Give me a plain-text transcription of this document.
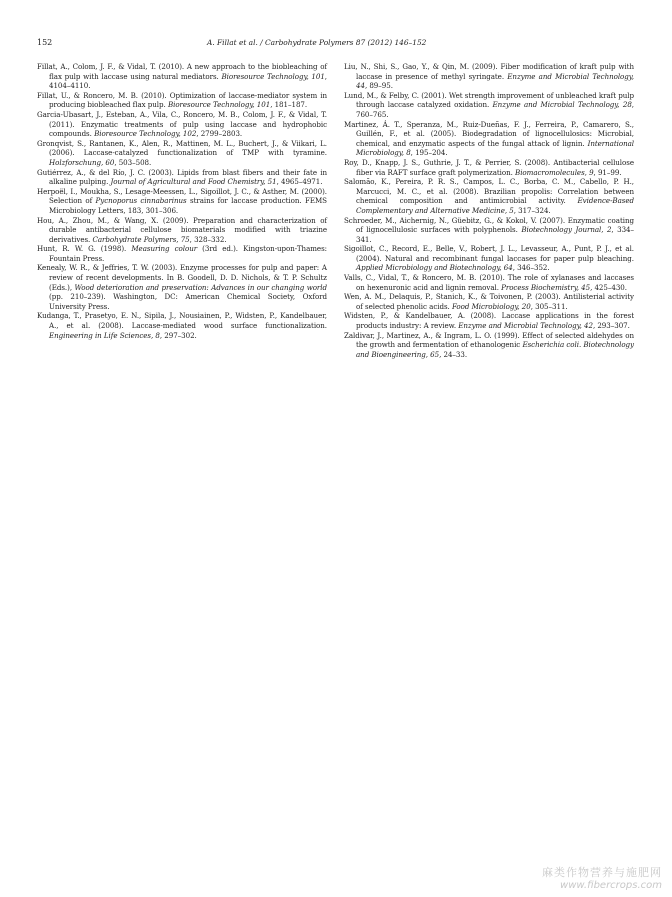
152	A. Fillat et al. / Carbohydrate Polymers 87 (2012) 146–152

Fillat, A., Colom, J. F., & Vidal, T. (2010). A new approach to the biobleaching of flax pulp with laccase using natural mediators. Bioresource Technology, 101, 4104–4110.

Fillat, U., & Roncero, M. B. (2010). Optimization of laccase-mediator system in producing biobleached flax pulp. Bioresource Technology, 101, 181–187.

Garcia-Ubasart, J., Esteban, A., Vila, C., Roncero, M. B., Colom, J. F., & Vidal, T. (2011). Enzymatic treatments of pulp using laccase and hydrophobic compounds. Bioresource Technology, 102, 2799–2803.

Gronqvist, S., Rantanen, K., Alen, R., Mattinen, M. L., Buchert, J., & Viikari, L. (2006). Laccase-catalyzed functionalization of TMP with tyramine. Holzforschung, 60, 503–508.

Gutiérrez, A., & del Río, J. C. (2003). Lipids from blast fibers and their fate in alkaline pulping. Journal of Agricultural and Food Chemistry, 51, 4965–4971.

Herpoël, I., Moukha, S., Lesage-Meessen, L., Sigoillot, J. C., & Asther, M. (2000). Selection of Pycnoporus cinnabarinus strains for laccase production. FEMS Microbiology Letters, 183, 301–306.

Hou, A., Zhou, M., & Wang, X. (2009). Preparation and characterization of durable antibacterial cellulose biomaterials modified with triazine derivatives. Carbohydrate Polymers, 75, 328–332.

Hunt, R. W. G. (1998). Measuring colour (3rd ed.). Kingston-upon-Thames: Fountain Press.

Kenealy, W. R., & Jeffries, T. W. (2003). Enzyme processes for pulp and paper: A review of recent developments. In B. Goodell, D. D. Nichols, & T. P. Schultz (Eds.), Wood deterioration and preservation: Advances in our changing world (pp. 210–239). Washington, DC: American Chemical Society, Oxford University Press.

Kudanga, T., Prasetyo, E. N., Sipila, J., Nousiainen, P., Widsten, P., Kandelbauer, A., et al. (2008). Laccase-mediated wood surface functionalization. Engineering in Life Sciences, 8, 297–302.

Liu, N., Shi, S., Gao, Y., & Qin, M. (2009). Fiber modification of kraft pulp with laccase in presence of methyl syringate. Enzyme and Microbial Technology, 44, 89–95.

Lund, M., & Felby, C. (2001). Wet strength improvement of unbleached kraft pulp through laccase catalyzed oxidation. Enzyme and Microbial Technology, 28, 760–765.

Martinez, Á. T., Speranza, M., Ruiz-Dueñas, F. J., Ferreira, P., Camarero, S., Guillén, F., et al. (2005). Biodegradation of lignocellulosics: Microbial, chemical, and enzymatic aspects of the fungal attack of lignin. International Microbiology, 8, 195–204.

Roy, D., Knapp, J. S., Guthrie, J. T., & Perrier, S. (2008). Antibacterial cellulose fiber via RAFT surface graft polymerization. Biomacromolecules, 9, 91–99.

Salomão, K., Pereira, P. R. S., Campos, L. C., Borba, C. M., Cabello, P. H., Marcucci, M. C., et al. (2008). Brazilian propolis: Correlation between chemical composition and antimicrobial activity. Evidence-Based Complementary and Alternative Medicine, 5, 317–324.

Schroeder, M., Aichernig, N., Güebitz, G., & Kokol, V. (2007). Enzymatic coating of lignocellulosic surfaces with polyphenols. Biotechnology Journal, 2, 334–341.

Sigoillot, C., Record, E., Belle, V., Robert, J. L., Levasseur, A., Punt, P. J., et al. (2004). Natural and recombinant fungal laccases for paper pulp bleaching. Applied Microbiology and Biotechnology, 64, 346–352.

Valls, C., Vidal, T., & Roncero, M. B. (2010). The role of xylanases and laccases on hexenuronic acid and lignin removal. Process Biochemistry, 45, 425–430.

Wen, A. M., Delaquis, P., Stanich, K., & Toivonen, P. (2003). Antilisterial activity of selected phenolic acids. Food Microbiology, 20, 305–311.

Widsten, P., & Kandelbauer, A. (2008). Laccase applications in the forest products industry: A review. Enzyme and Microbial Technology, 42, 293–307.

Zaldivar, J., Martinez, A., & Ingram, L. O. (1999). Effect of selected aldehydes on the growth and fermentation of ethanologenic Escherichia coli. Biotechnology and Bioengineering, 65, 24–33.

麻类作物营养与施肥网
www.fibercrops.com
